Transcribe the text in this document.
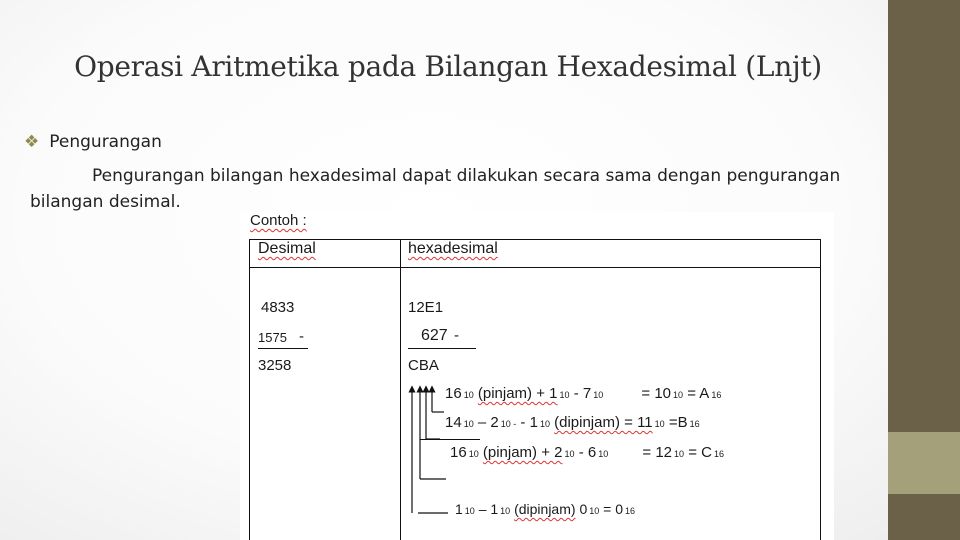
Operasi Aritmetika pada Bilangan Hexadesimal (Lnjt)
❖ Pengurangan
Pengurangan bilangan hexadesimal dapat dilakukan secara sama dengan pengurangan
bilangan desimal.
Contoh :
Desimal	hexadesimal
4833
1575 -
3258
12E1
627 -
CBA
16 10 (pinjam) + 1 10 - 7 10	= 10 10 = A 16
14 10 – 2 10 - - 1 10 (dipinjam) = 11 10 =B 16
16 10 (pinjam) + 2 10 - 6 10 = 12 10 = C 16
1 10 – 1 10 (dipinjam) 0 10 = 0 16
